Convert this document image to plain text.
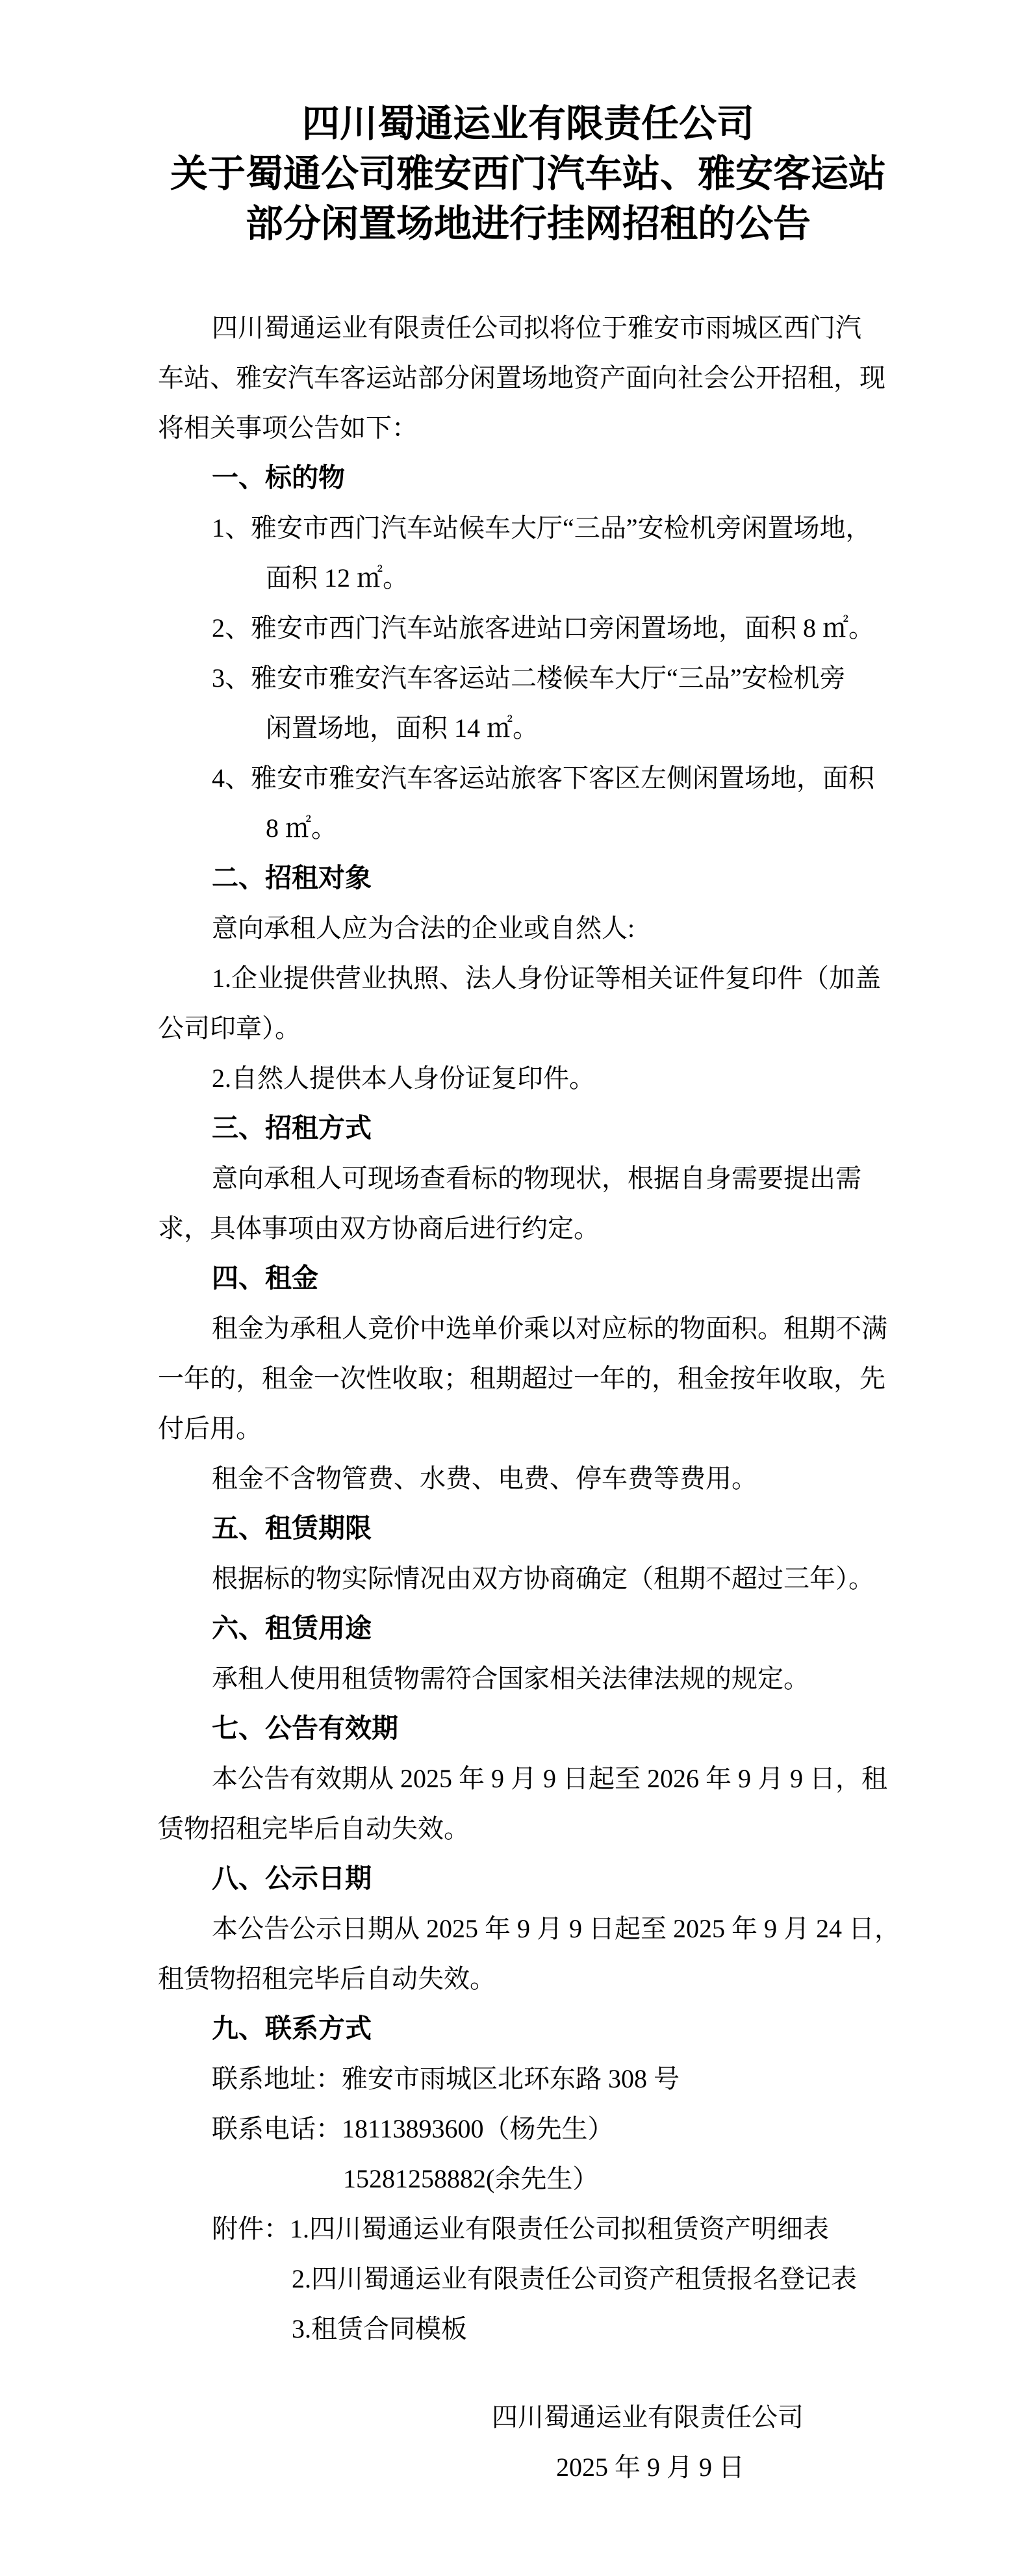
四川蜀通运业有限责任公司
关于蜀通公司雅安西门汽车站、雅安客运站
部分闲置场地进行挂网招租的公告
四川蜀通运业有限责任公司拟将位于雅安市雨城区西门汽
车站、雅安汽车客运站部分闲置场地资产面向社会公开招租，现
将相关事项公告如下：
一、标的物
1、雅安市西门汽车站候车大厅“三品”安检机旁闲置场地，
面积 12 ㎡。
2、雅安市西门汽车站旅客进站口旁闲置场地，面积 8 ㎡。
3、雅安市雅安汽车客运站二楼候车大厅“三品”安检机旁
闲置场地，面积 14 ㎡。
4、雅安市雅安汽车客运站旅客下客区左侧闲置场地，面积
8 ㎡。
二、招租对象
意向承租人应为合法的企业或自然人:
1.企业提供营业执照、法人身份证等相关证件复印件（加盖
公司印章）。
2.自然人提供本人身份证复印件。
三、招租方式
意向承租人可现场查看标的物现状，根据自身需要提出需
求，具体事项由双方协商后进行约定。
四、租金
租金为承租人竞价中选单价乘以对应标的物面积。租期不满
一年的，租金一次性收取；租期超过一年的，租金按年收取，先
付后用。
租金不含物管费、水费、电费、停车费等费用。
五、租赁期限
根据标的物实际情况由双方协商确定（租期不超过三年）。
六、租赁用途
承租人使用租赁物需符合国家相关法律法规的规定。
七、公告有效期
本公告有效期从 2025 年 9 月 9 日起至 2026 年 9 月 9 日，租
赁物招租完毕后自动失效。
八、公示日期
本公告公示日期从 2025 年 9 月 9 日起至 2025 年 9 月 24 日，
租赁物招租完毕后自动失效。
九、联系方式
联系地址：雅安市雨城区北环东路 308 号
联系电话：18113893600（杨先生）
15281258882(余先生）
附件：1.四川蜀通运业有限责任公司拟租赁资产明细表
2.四川蜀通运业有限责任公司资产租赁报名登记表
3.租赁合同模板
四川蜀通运业有限责任公司
2025 年 9 月 9 日
